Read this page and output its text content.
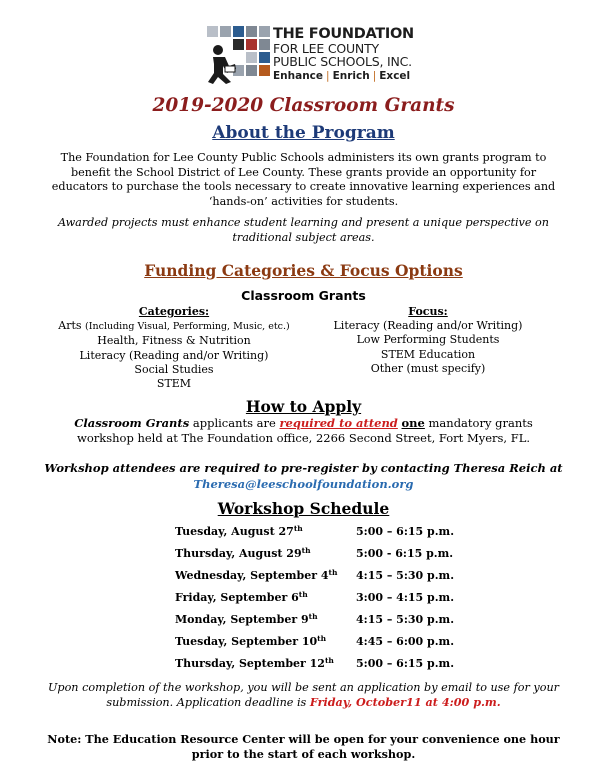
THE FOUNDATION
FOR LEE COUNTY
PUBLIC SCHOOLS, INC.
Enhance | Enrich | Excel
2019-2020 Classroom Grants
About the Program
The Foundation for Lee County Public Schools administers its own grants program to
benefit the School District of Lee County. These grants provide an opportunity for
educators to purchase the tools necessary to create innovative learning experiences and
‘hands-on’ activities for students.
Awarded projects must enhance student learning and present a unique perspective on
traditional subject areas.
Funding Categories & Focus Options
Classroom Grants
Categories:
Arts (Including Visual, Performing, Music, etc.)
Health, Fitness & Nutrition
Literacy (Reading and/or Writing)
Social Studies
STEM
Focus:
Literacy (Reading and/or Writing)
Low Performing Students
STEM Education
Other (must specify)
How to Apply
Classroom Grants applicants are required to attend one mandatory grants
workshop held at The Foundation office, 2266 Second Street, Fort Myers, FL.
Workshop attendees are required to pre-register by contacting Theresa Reich at
Theresa@leeschoolfoundation.org
Workshop Schedule
Tuesday, August 27th	5:00 – 6:15 p.m.
Thursday, August 29th	5:00 - 6:15 p.m.
Wednesday, September 4th 4:15 – 5:30 p.m.
Friday, September 6th	3:00 – 4:15 p.m.
Monday, September 9th	4:15 – 5:30 p.m.
Tuesday, September 10th	4:45 – 6:00 p.m.
Thursday, September 12th 5:00 – 6:15 p.m.
Upon completion of the workshop, you will be sent an application by email to use for your
submission. Application deadline is Friday, October11 at 4:00 p.m.
Note: The Education Resource Center will be open for your convenience one hour
prior to the start of each workshop.
